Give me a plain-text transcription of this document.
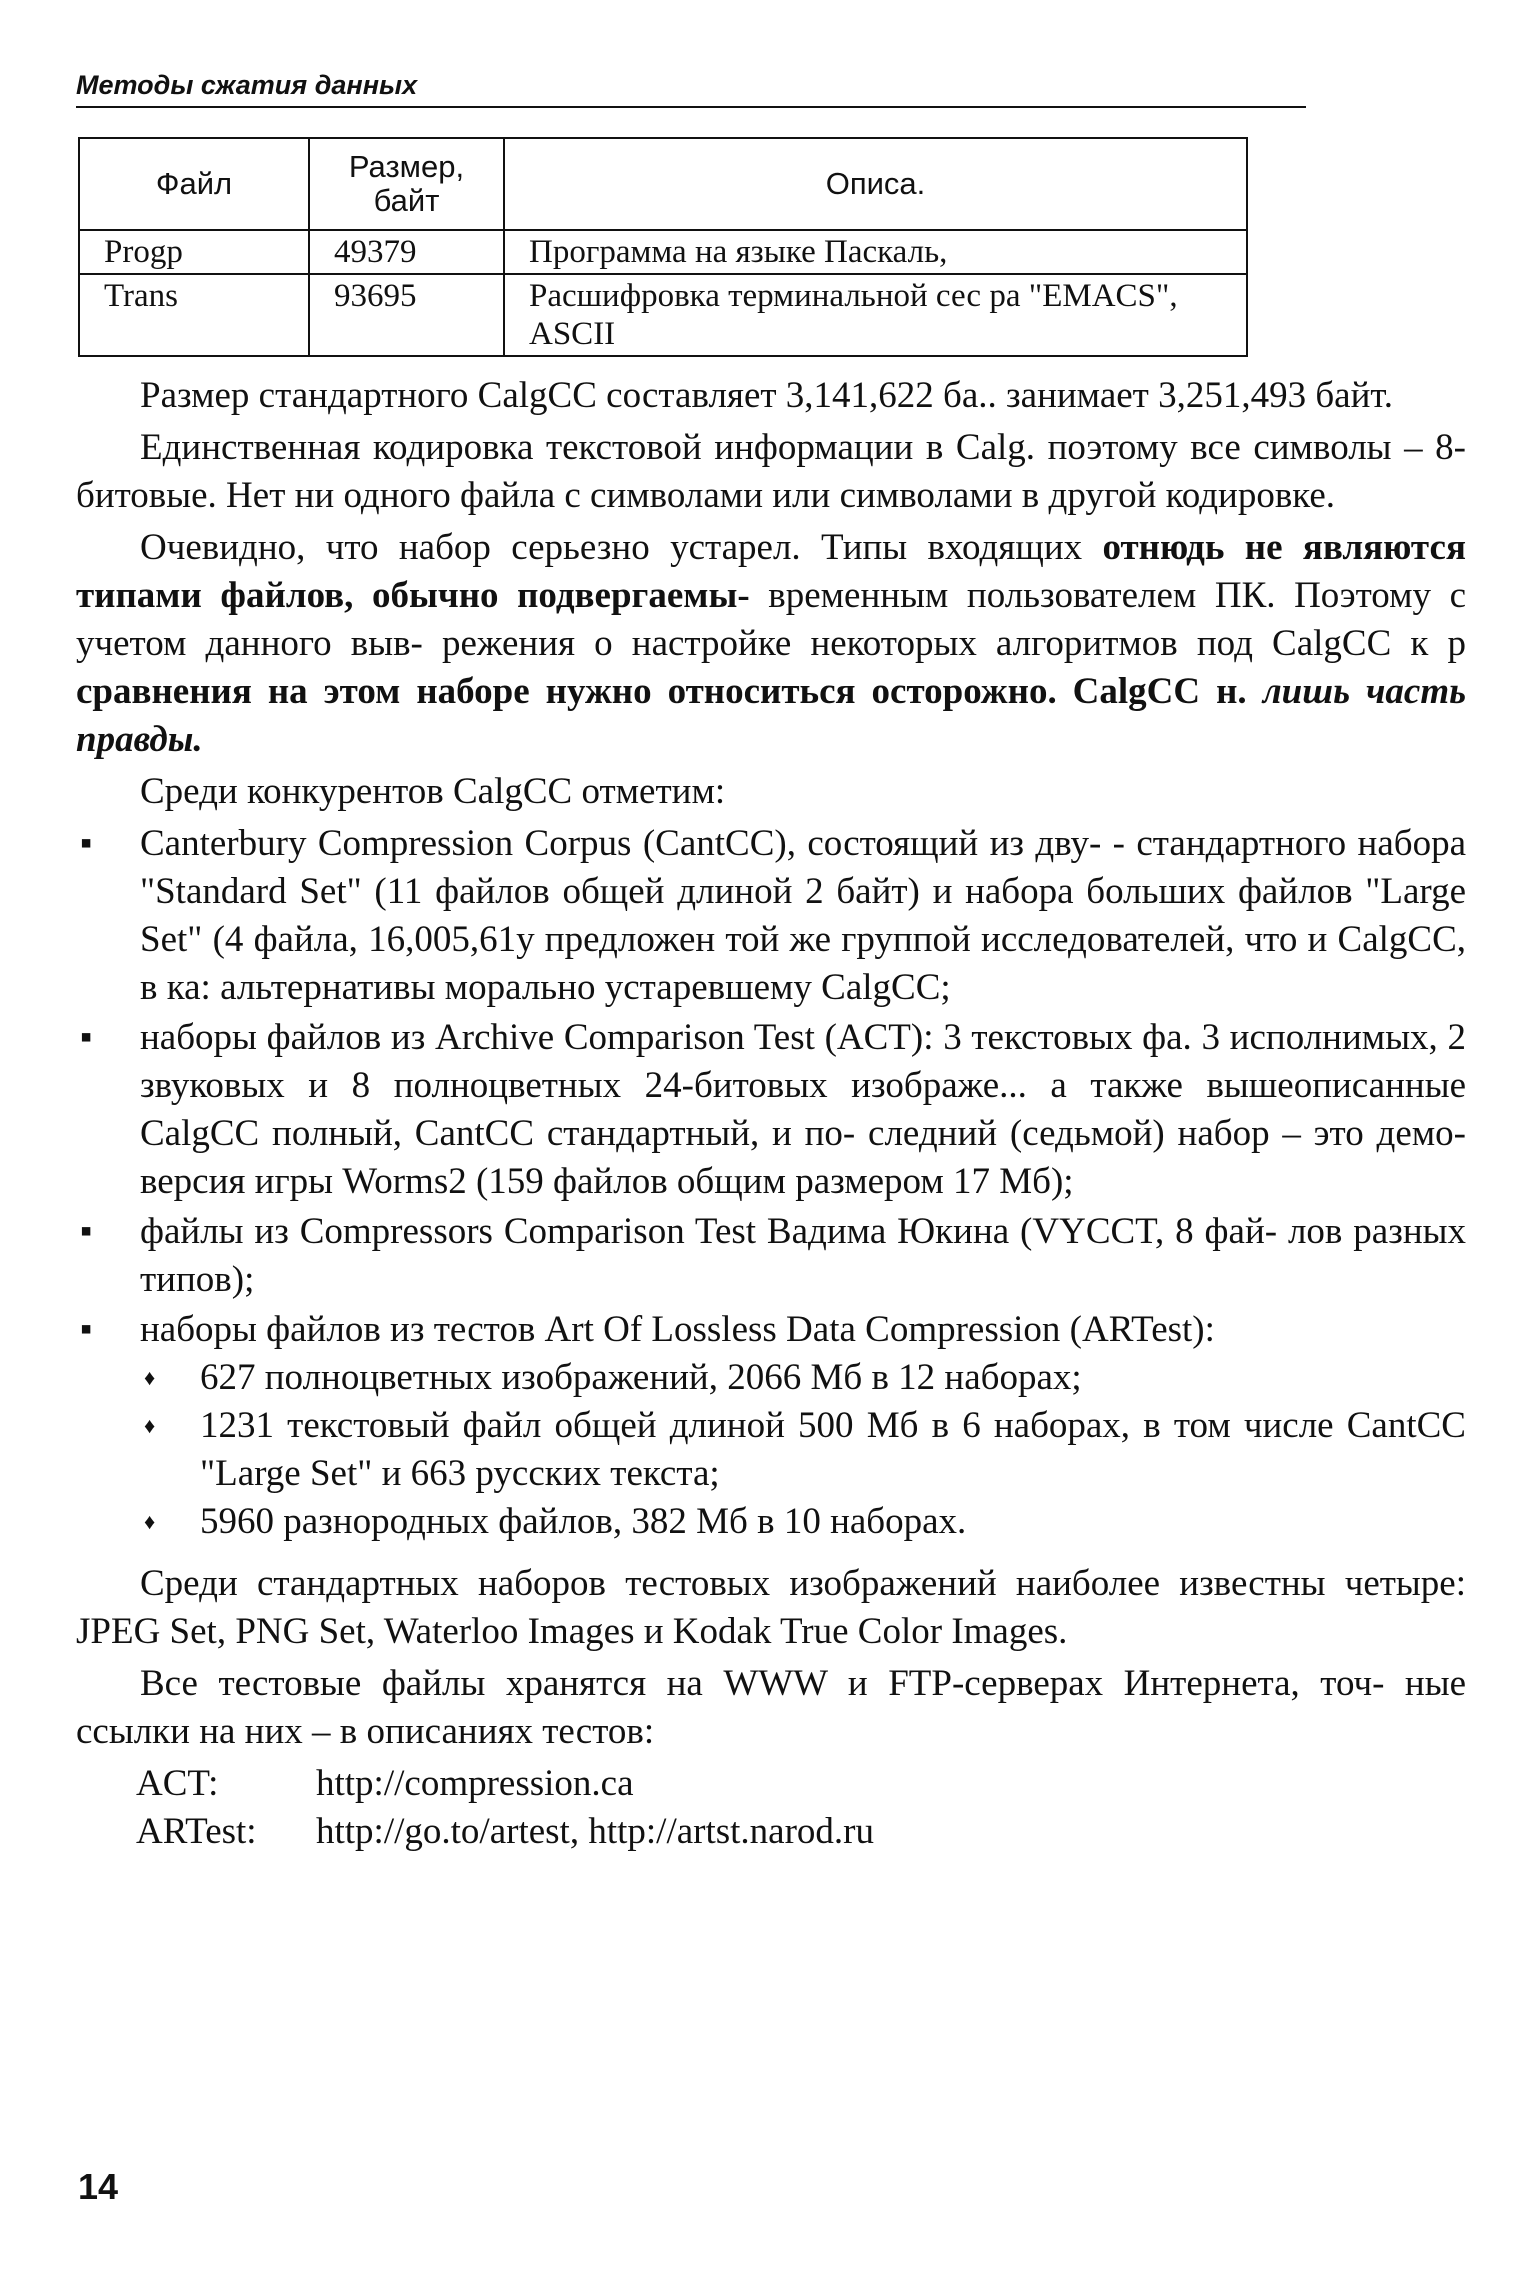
Методы сжатия данных
Файл	Размер, байт	Описа.
Progp	49379	Программа на языке Паскаль,
Trans	93695	Расшифровка терминальной сес ра "EMACS", ASCII

Размер стандартного CalgCC составляет 3,141,622 ба.. занимает 3,251,493 байт.

Единственная кодировка текстовой информации в Calg. поэтому все символы – 8-битовые. Нет ни одного файла с символами или символами в другой кодировке.

Очевидно, что набор серьезно устарел. Типы входящих отнюдь не являются типами файлов, обычно подвергаемы- временным пользователем ПК. Поэтому с учетом данного выв- режения о настройке некоторых алгоритмов под CalgCC к р сравнения на этом наборе нужно относиться осторожно. CalgCC н. лишь часть правды.

Среди конкурентов CalgCC отметим:

▪ Canterbury Compression Corpus (CantCC), состоящий из дву- - стандартного набора "Standard Set" (11 файлов общей длиной 2 байт) и набора больших файлов "Large Set" (4 файла, 16,005,61у предложен той же группой исследователей, что и CalgCC, в ка: альтернативы морально устаревшему CalgCC;
▪ наборы файлов из Archive Comparison Test (ACT): 3 текстовых фа. 3 исполнимых, 2 звуковых и 8 полноцветных 24-битовых изображе... а также вышеописанные CalgCC полный, CantCC стандартный, и по- следний (седьмой) набор – это демо-версия игры Worms2 (159 файлов общим размером 17 Мб);
▪ файлы из Compressors Comparison Test Вадима Юкина (VYCCT, 8 фай- лов разных типов);
▪ наборы файлов из тестов Art Of Lossless Data Compression (ARTest):
♦ 627 полноцветных изображений, 2066 Мб в 12 наборах;
♦ 1231 текстовый файл общей длиной 500 Мб в 6 наборах, в том числе CantCC "Large Set" и 663 русских текста;
♦ 5960 разнородных файлов, 382 Мб в 10 наборах.

Среди стандартных наборов тестовых изображений наиболее известны четыре: JPEG Set, PNG Set, Waterloo Images и Kodak True Color Images.

Все тестовые файлы хранятся на WWW и FTP-серверах Интернета, точ- ные ссылки на них – в описаниях тестов:

ACT:	http://compression.ca
ARTest:	http://go.to/artest, http://artst.narod.ru
14
